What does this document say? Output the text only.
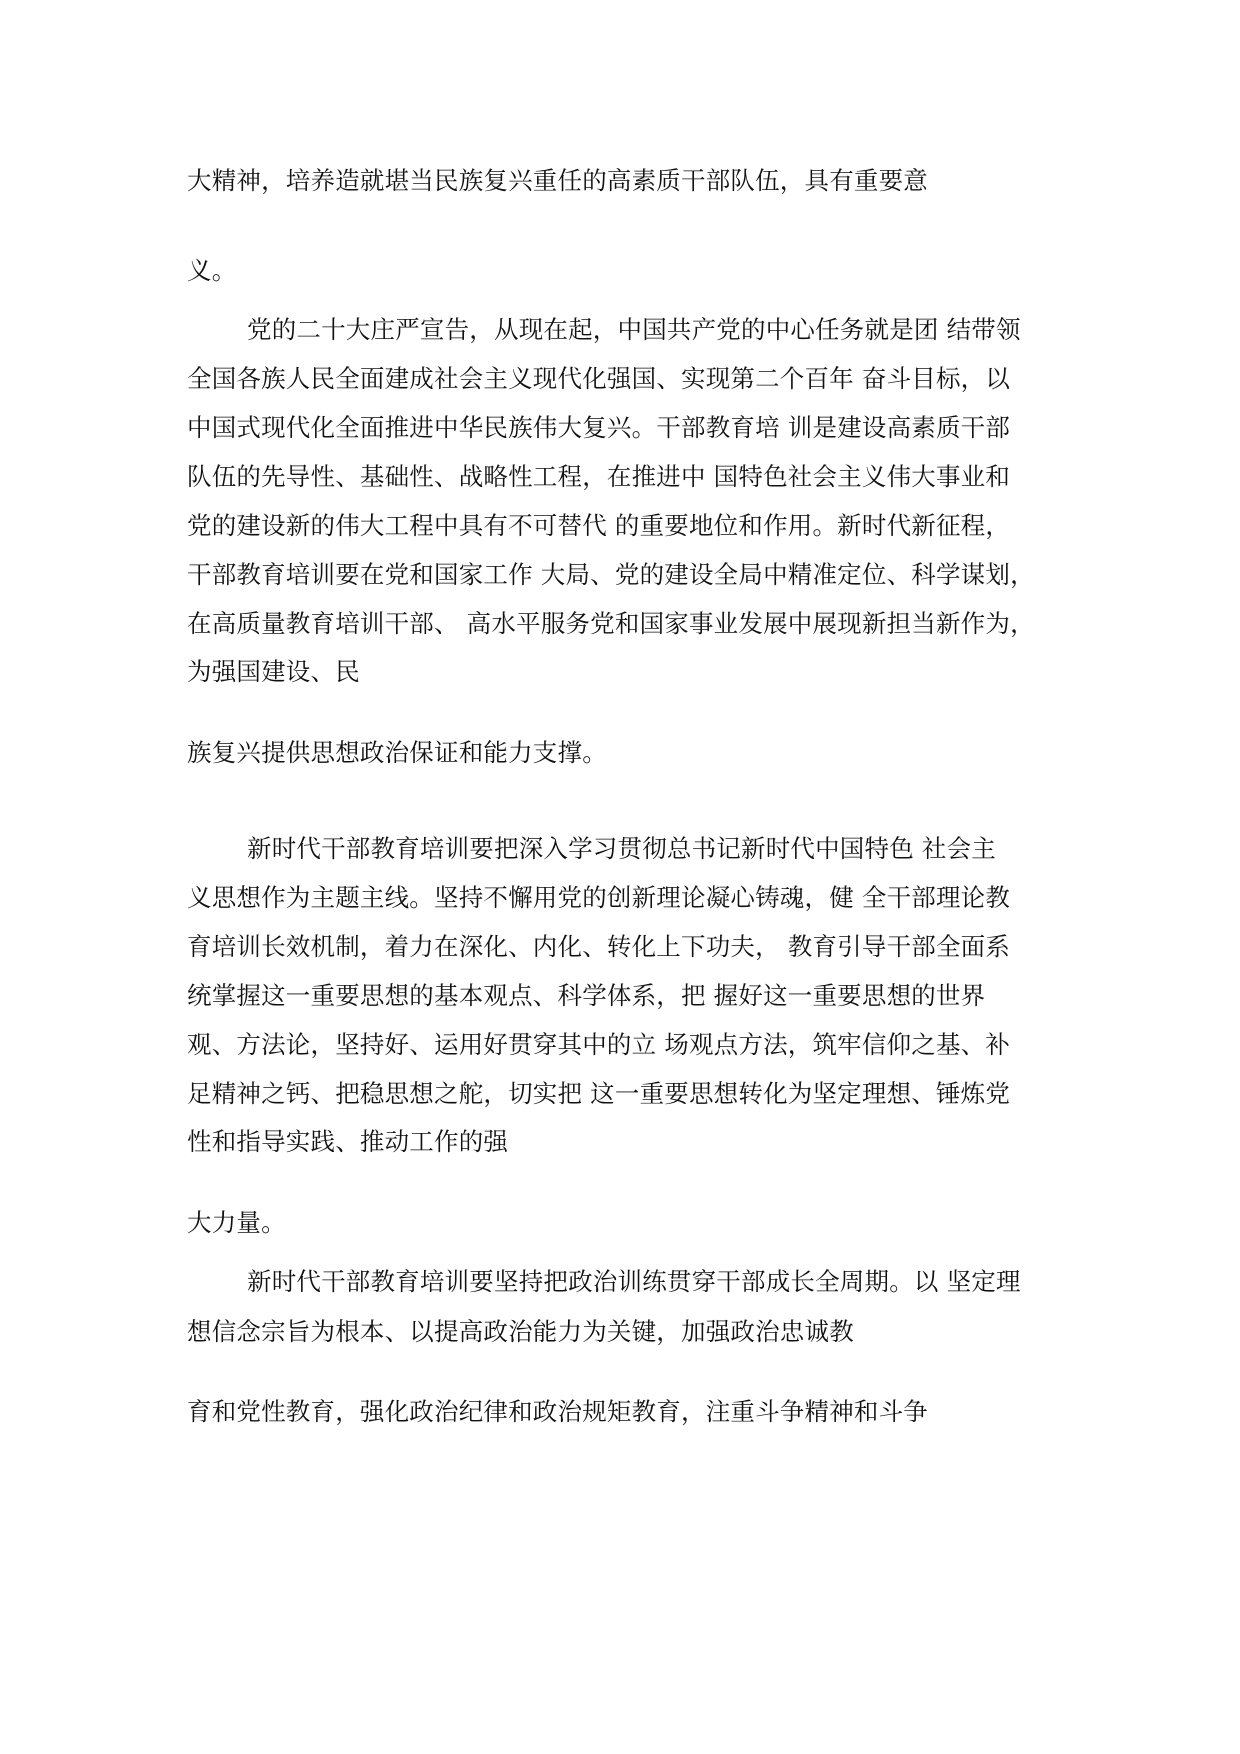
大精神，培养造就堪当民族复兴重任的高素质干部队伍，具有重要意
义。
党的二十大庄严宣告，从现在起，中国共产党的中心任务就是团 结带领
全国各族人民全面建成社会主义现代化强国、实现第二个百年 奋斗目标，以
中国式现代化全面推进中华民族伟大复兴。干部教育培 训是建设高素质干部
队伍的先导性、基础性、战略性工程，在推进中 国特色社会主义伟大事业和
党的建设新的伟大工程中具有不可替代 的重要地位和作用。新时代新征程，
干部教育培训要在党和国家工作 大局、党的建设全局中精准定位、科学谋划，
在高质量教育培训干部、 高水平服务党和国家事业发展中展现新担当新作为，
为强国建设、民
族复兴提供思想政治保证和能力支撑。
新时代干部教育培训要把深入学习贯彻总书记新时代中国特色 社会主
义思想作为主题主线。坚持不懈用党的创新理论凝心铸魂，健 全干部理论教
育培训长效机制，着力在深化、内化、转化上下功夫， 教育引导干部全面系
统掌握这一重要思想的基本观点、科学体系，把 握好这一重要思想的世界
观、方法论，坚持好、运用好贯穿其中的立 场观点方法，筑牢信仰之基、补
足精神之钙、把稳思想之舵，切实把 这一重要思想转化为坚定理想、锤炼党
性和指导实践、推动工作的强
大力量。
新时代干部教育培训要坚持把政治训练贯穿干部成长全周期。以 坚定理
想信念宗旨为根本、以提高政治能力为关键，加强政治忠诚教
育和党性教育，强化政治纪律和政治规矩教育，注重斗争精神和斗争
